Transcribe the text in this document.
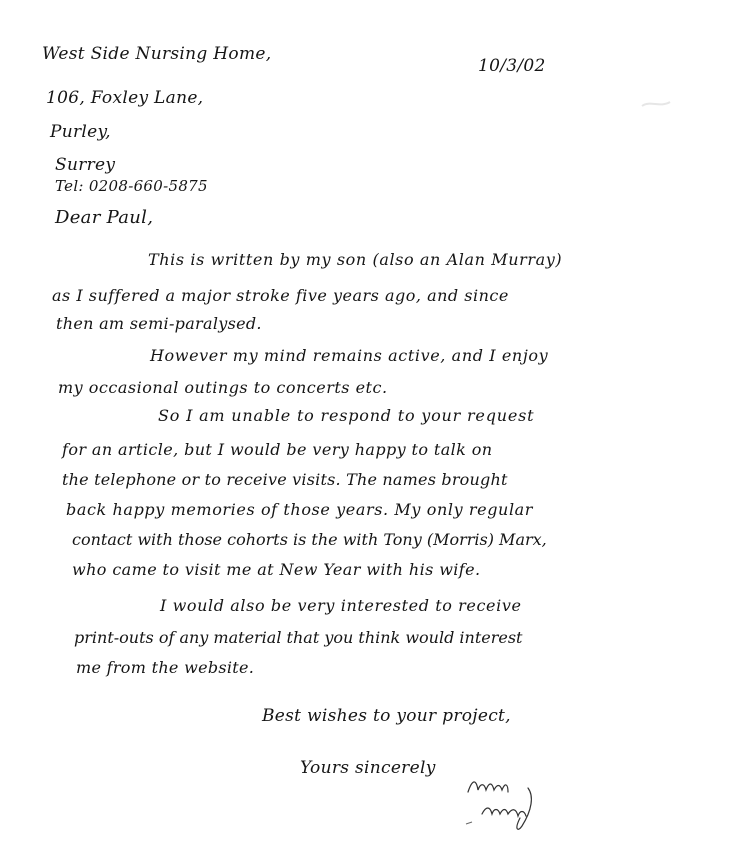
West Side Nursing Home,
106, Foxley Lane,
Purley,
Surrey
Tel: 0208-660-5875
10/3/02
Dear Paul,
This is written by my son (also an Alan Murray)
as I suffered a major stroke five years ago, and since
then am semi-paralysed.
However my mind remains active, and I enjoy
my occasional outings to concerts etc.
So I am unable to respond to your request
for an article, but I would be very happy to talk on
the telephone or to receive visits. The names brought
back happy memories of those years. My only regular
contact with those cohorts is the with Tony (Morris) Marx,
who came to visit me at New Year with his wife.
I would also be very interested to receive
print-outs of any material that you think would interest
me from the website.
Best wishes to your project,
Yours sincerely
